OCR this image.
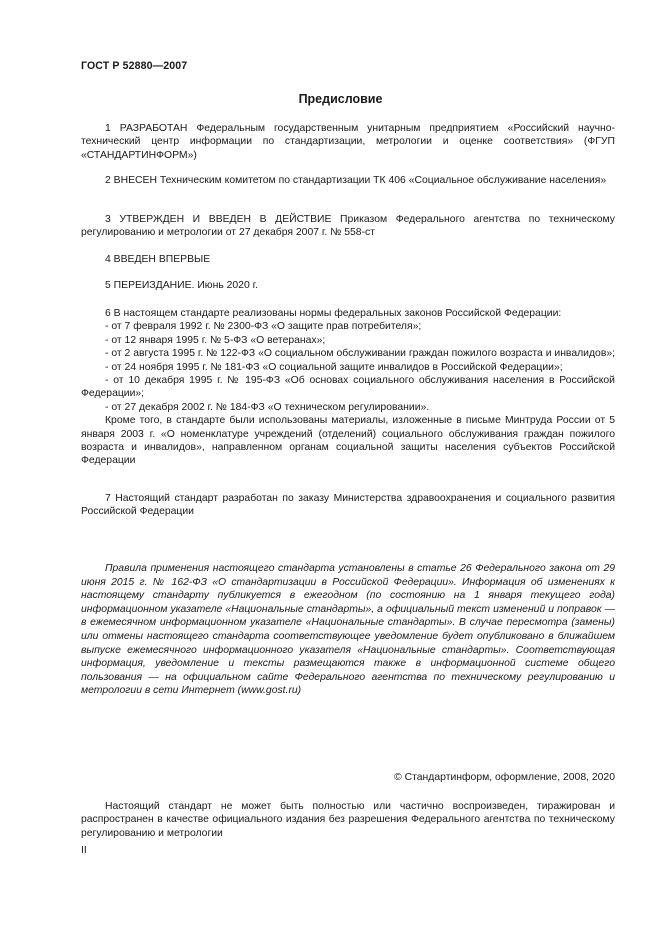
ГОСТ Р 52880—2007
Предисловие

1 РАЗРАБОТАН Федеральным государственным унитарным предприятием «Российский научно-технический центр информации по стандартизации, метрологии и оценке соответствия» (ФГУП «СТАНДАРТИНФОРМ»)

2 ВНЕСЕН Техническим комитетом по стандартизации ТК 406 «Социальное обслуживание населения»

3 УТВЕРЖДЕН И ВВЕДЕН В ДЕЙСТВИЕ Приказом Федерального агентства по техническому регулированию и метрологии от 27 декабря 2007 г. № 558-ст

4 ВВЕДЕН ВПЕРВЫЕ

5 ПЕРЕИЗДАНИЕ. Июнь 2020 г.

6 В настоящем стандарте реализованы нормы федеральных законов Российской Федерации:

- от 7 февраля 1992 г. № 2300-ФЗ «О защите прав потребителя»;

- от 12 января 1995 г. № 5-ФЗ «О ветеранах»;

- от 2 августа 1995 г. № 122-ФЗ «О социальном обслуживании граждан пожилого возраста и инвалидов»;

- от 24 ноября 1995 г. № 181-ФЗ «О социальной защите инвалидов в Российской Федерации»;

- от 10 декабря 1995 г. № 195-ФЗ «Об основах социального обслуживания населения в Российской Федерации»;

- от 27 декабря 2002 г. № 184-ФЗ «О техническом регулировании».

Кроме того, в стандарте были использованы материалы, изложенные в письме Минтруда России от 5 января 2003 г. «О номенклатуре учреждений (отделений) социального обслуживания граждан пожилого возраста и инвалидов», направленном органам социальной защиты населения субъектов Российской Федерации

7 Настоящий стандарт разработан по заказу Министерства здравоохранения и социального развития Российской Федерации

Правила применения настоящего стандарта установлены в статье 26 Федерального закона от 29 июня 2015 г. № 162-ФЗ «О стандартизации в Российской Федерации». Информация об изменениях к настоящему стандарту публикуется в ежегодном (по состоянию на 1 января текущего года) информационном указателе «Национальные стандарты», а официальный текст изменений и поправок — в ежемесячном информационном указателе «Национальные стандарты». В случае пересмотра (замены) или отмены настоящего стандарта соответствующее уведомление будет опубликовано в ближайшем выпуске ежемесячного информационного указателя «Национальные стандарты». Соответствующая информация, уведомление и тексты размещаются также в информационной системе общего пользования — на официальном сайте Федерального агентства по техническому регулированию и метрологии в сети Интернет (www.gost.ru)

© Стандартинформ, оформление, 2008, 2020

Настоящий стандарт не может быть полностью или частично воспроизведен, тиражирован и распространен в качестве официального издания без разрешения Федерального агентства по техническому регулированию и метрологии

II
